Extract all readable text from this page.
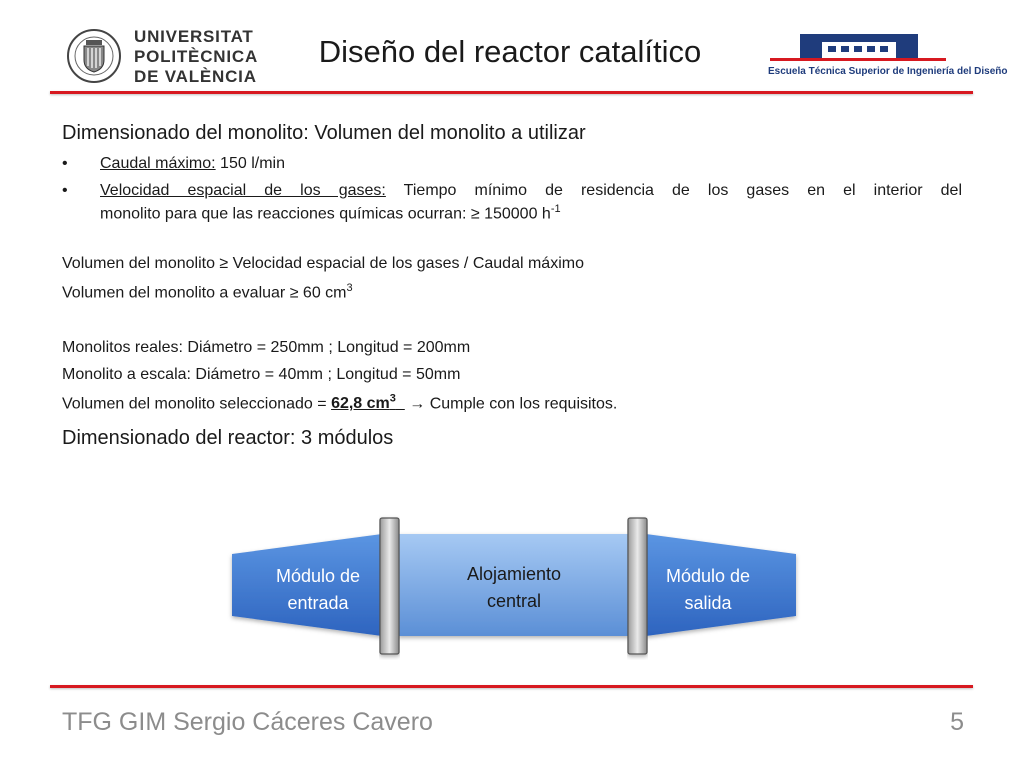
UNIVERSITAT
POLITÈCNICA
DE VALÈNCIA
Diseño del reactor catalítico
Escuela Técnica Superior de Ingeniería del Diseño
Dimensionado del monolito: Volumen del monolito a utilizar
• Caudal máximo: 150 l/min
• Velocidad espacial de los gases: Tiempo mínimo de residencia de los gases en el interior del
monolito para que las reacciones químicas ocurran: ≥ 150000 $h^{-1}$
Volumen del monolito ≥ Velocidad espacial de los gases / Caudal máximo
Volumen del monolito a evaluar ≥ 60 $cm^3$
Monolitos reales: Diámetro = 250mm ; Longitud = 200mm
Monolito a escala: Diámetro = 40mm ; Longitud = 50mm
Volumen del monolito seleccionado = 62,8 $cm^3$ → Cumple con los requisitos.
Dimensionado del reactor: 3 módulos
Módulo de
entrada
Alojamiento
central
Módulo de
salida
TFG GIM Sergio Cáceres Cavero	5
